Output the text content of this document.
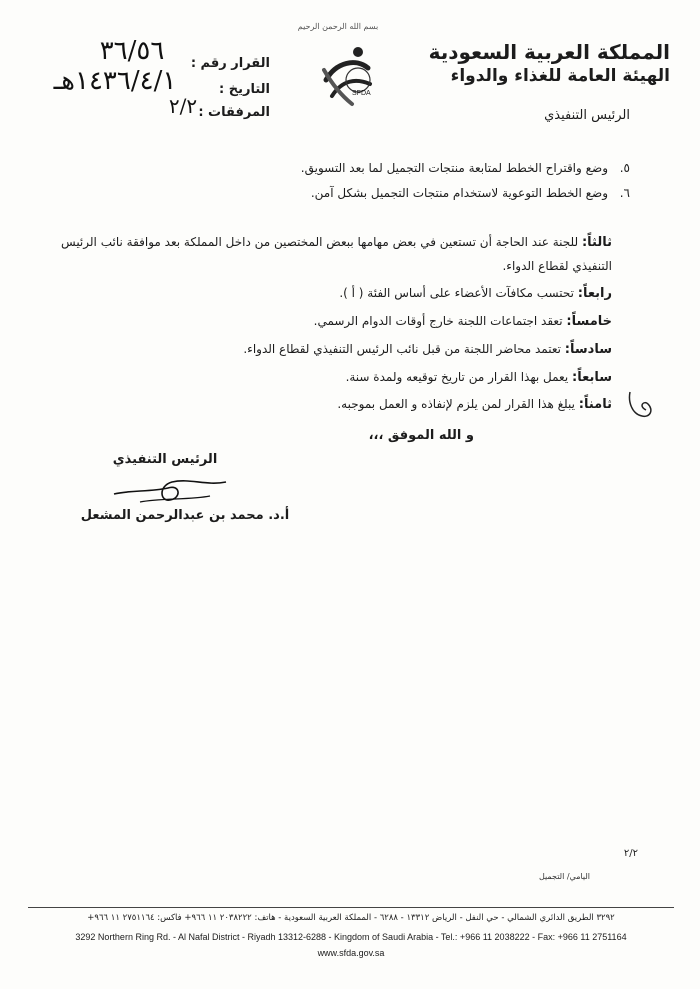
بسم الله الرحمن الرحيم
SFDA
المملكة العربية السعودية
الهيئة العامة للغذاء والدواء
الرئيس التنفيذي
القرار رقم :
التاريخ :
المرفقات :
٣٦/٥٦
١٤٣٦/٤/١هـ
٢/٢
٥.وضع واقتراح الخطط لمتابعة منتجات التجميل لما بعد التسويق.
٦.وضع الخطط التوعوية لاستخدام منتجات التجميل بشكل آمن.
ثالثاً: للجنة عند الحاجة أن تستعين في بعض مهامها ببعض المختصين من داخل المملكة بعد موافقة نائب الرئيس
التنفيذي لقطاع الدواء.
رابعاً: تحتسب مكافآت الأعضاء على أساس الفئة ( أ ).
خامساً: تعقد اجتماعات اللجنة خارج أوقات الدوام الرسمي.
سادساً: تعتمد محاضر اللجنة من قبل نائب الرئيس التنفيذي لقطاع الدواء.
سابعاً: يعمل بهذا القرار من تاريخ توقيعه ولمدة سنة.
ثامناً: يبلغ هذا القرار لمن يلزم لإنفاذه و العمل بموجبه.
و الله الموفق ،،،
الرئيس التنفيذي
أ.د. محمد بن عبدالرحمن المشعل
٢/٢
اليامي/ التجميل
٣٢٩٢ الطريق الدائري الشمالي - حي النفل - الرياض ١٣٣١٢ - ٦٢٨٨ - المملكة العربية السعودية - هاتف: ٢٠٣٨٢٢٢ ١١ ٩٦٦+ فاكس: ٢٧٥١١٦٤ ١١ ٩٦٦+
3292 Northern Ring Rd. - Al Nafal District - Riyadh 13312-6288 - Kingdom of Saudi Arabia - Tel.: +966 11 2038222 - Fax: +966 11 2751164
www.sfda.gov.sa
